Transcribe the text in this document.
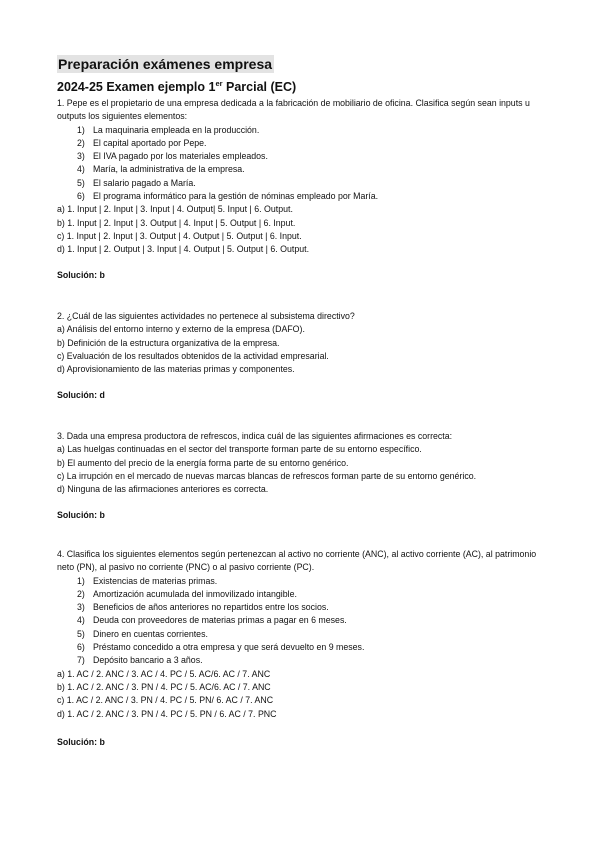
Preparación exámenes empresa
2024-25 Examen ejemplo 1er Parcial (EC)

1. Pepe es el propietario de una empresa dedicada a la fabricación de mobiliario de oficina. Clasifica según sean inputs u outputs los siguientes elementos:

1) La maquinaria empleada en la producción.
2) El capital aportado por Pepe.
3) El IVA pagado por los materiales empleados.
4) María, la administrativa de la empresa.
5) El salario pagado a María.
6) El programa informático para la gestión de nóminas empleado por María.

a) 1. Input | 2. Input | 3. Input | 4. Output| 5. Input | 6. Output.

b) 1. Input | 2. Input | 3. Output | 4. Input | 5. Output | 6. Input.

c) 1. Input | 2. Input | 3. Output | 4. Output | 5. Output | 6. Input.

d) 1. Input | 2. Output | 3. Input | 4. Output | 5. Output | 6. Output.

Solución: b

2. ¿Cuál de las siguientes actividades no pertenece al subsistema directivo?

a) Análisis del entorno interno y externo de la empresa (DAFO).

b) Definición de la estructura organizativa de la empresa.

c) Evaluación de los resultados obtenidos de la actividad empresarial.

d) Aprovisionamiento de las materias primas y componentes.

Solución: d

3. Dada una empresa productora de refrescos, indica cuál de las siguientes afirmaciones es correcta:

a) Las huelgas continuadas en el sector del transporte forman parte de su entorno específico.

b) El aumento del precio de la energía forma parte de su entorno genérico.

c) La irrupción en el mercado de nuevas marcas blancas de refrescos forman parte de su entorno genérico.

d) Ninguna de las afirmaciones anteriores es correcta.

Solución: b

4. Clasifica los siguientes elementos según pertenezcan al activo no corriente (ANC), al activo corriente (AC), al patrimonio neto (PN), al pasivo no corriente (PNC) o al pasivo corriente (PC).

1) Existencias de materias primas.
2) Amortización acumulada del inmovilizado intangible.
3) Beneficios de años anteriores no repartidos entre los socios.
4) Deuda con proveedores de materias primas a pagar en 6 meses.
5) Dinero en cuentas corrientes.
6) Préstamo concedido a otra empresa y que será devuelto en 9 meses.
7) Depósito bancario a 3 años.

a) 1. AC / 2. ANC / 3. AC / 4. PC / 5. AC/6. AC / 7. ANC

b) 1. AC / 2. ANC / 3. PN / 4. PC / 5. AC/6. AC / 7. ANC

c) 1. AC / 2. ANC / 3. PN / 4. PC / 5. PN/ 6. AC / 7. ANC

d) 1. AC / 2. ANC / 3. PN / 4. PC / 5. PN / 6. AC / 7. PNC

Solución: b
